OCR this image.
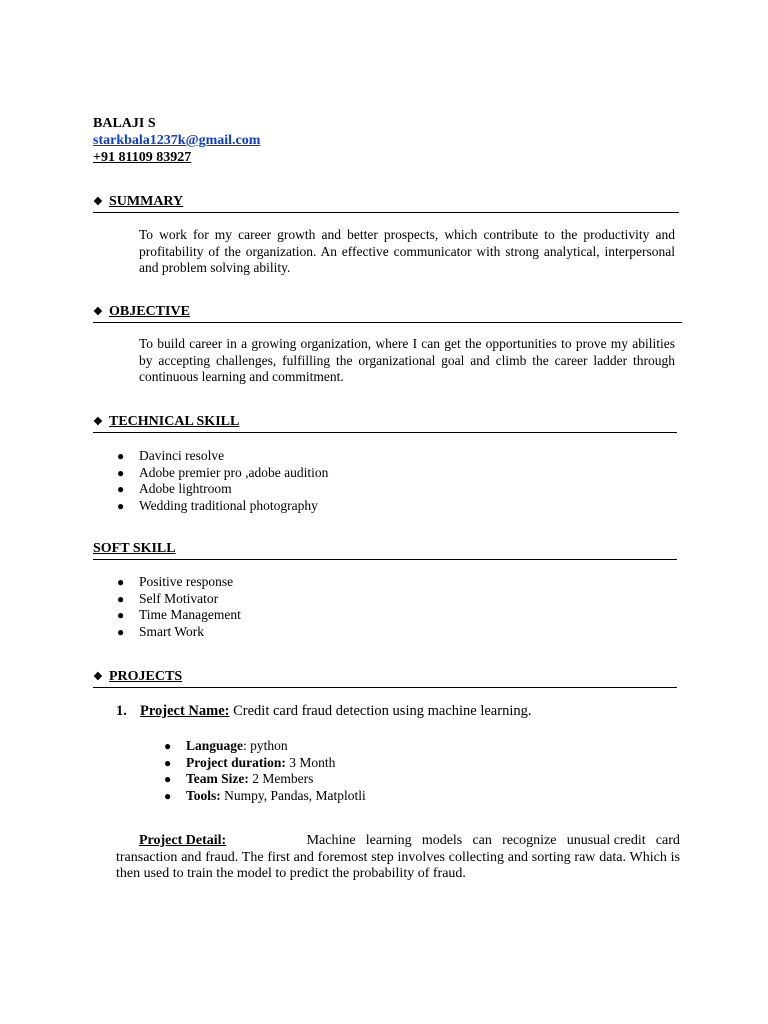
BALAJI S
starkbala1237k@gmail.com
+91 81109 83927
❖ SUMMARY
To work for my career growth and better prospects, which contribute to the productivity and profitability of the organization. An effective communicator with strong analytical, interpersonal and problem solving ability.
❖ OBJECTIVE
To build career in a growing organization, where I can get the opportunities to prove my abilities by accepting challenges, fulfilling the organizational goal and climb the career ladder through continuous learning and commitment.
❖ TECHNICAL SKILL
● Davinci resolve
● Adobe premier pro ,adobe audition
● Adobe lightroom
● Wedding traditional photography
SOFT SKILL
● Positive response
● Self Motivator
● Time Management
● Smart Work
❖ PROJECTS
1. Project Name: Credit card fraud detection using machine learning.
● Language: python
● Project duration: 3 Month
● Team Size: 2 Members
● Tools: Numpy, Pandas, Matplotli
Project Detail:	Machine learning models can recognize unusual credit card
transaction and fraud. The first and foremost step involves collecting and sorting raw data. Which is then used to train the model to predict the probability of fraud.
